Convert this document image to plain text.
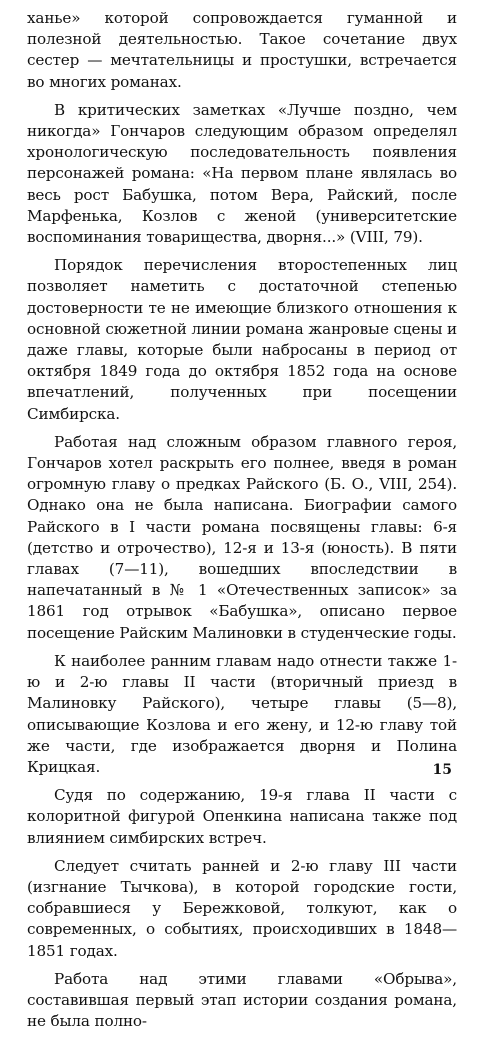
ханье» которой сопровождается гуманной и полезной деятельностью. Такое сочетание двух сестер — мечтательницы и простушки, встречается во многих романах.

В критических заметках «Лучше поздно, чем никогда» Гончаров следующим образом определял хронологическую последовательность появления персонажей романа: «На первом плане являлась во весь рост Бабушка, потом Вера, Райский, после Марфенька, Козлов с женой (университетские воспоминания товарищества, дворня...» (VIII, 79).

Порядок перечисления второстепенных лиц позволяет наметить с достаточной степенью достоверности те не имеющие близкого отношения к основной сюжетной линии романа жанровые сцены и даже главы, которые были набросаны в период от октября 1849 года до октября 1852 года на основе впечатлений, полученных при посещении Симбирска.

Работая над сложным образом главного героя, Гончаров хотел раскрыть его полнее, введя в роман огромную главу о предках Райского (Б. О., VIII, 254). Однако она не была написана. Биографии самого Райского в I части романа посвящены главы: 6-я (детство и отрочество), 12-я и 13-я (юность). В пяти главах (7—11), вошедших впоследствии в напечатанный в № 1 «Отечественных записок» за 1861 год отрывок «Бабушка», описано первое посещение Райским Малиновки в студенческие годы.

К наиболее ранним главам надо отнести также 1-ю и 2-ю главы II части (вторичный приезд в Малиновку Райского), четыре главы (5—8), описывающие Козлова и его жену, и 12-ю главу той же части, где изображается дворня и Полина Крицкая.

Судя по содержанию, 19-я глава II части с колоритной фигурой Опенкина написана также под влиянием симбирских встреч.

Следует считать ранней и 2-ю главу III части (изгнание Тычкова), в которой городские гости, собравшиеся у Бережковой, толкуют, как о современных, о событиях, происходивших в 1848—1851 годах.

Работа над этими главами «Обрыва», составившая первый этап истории создания романа, не была полно-

15
